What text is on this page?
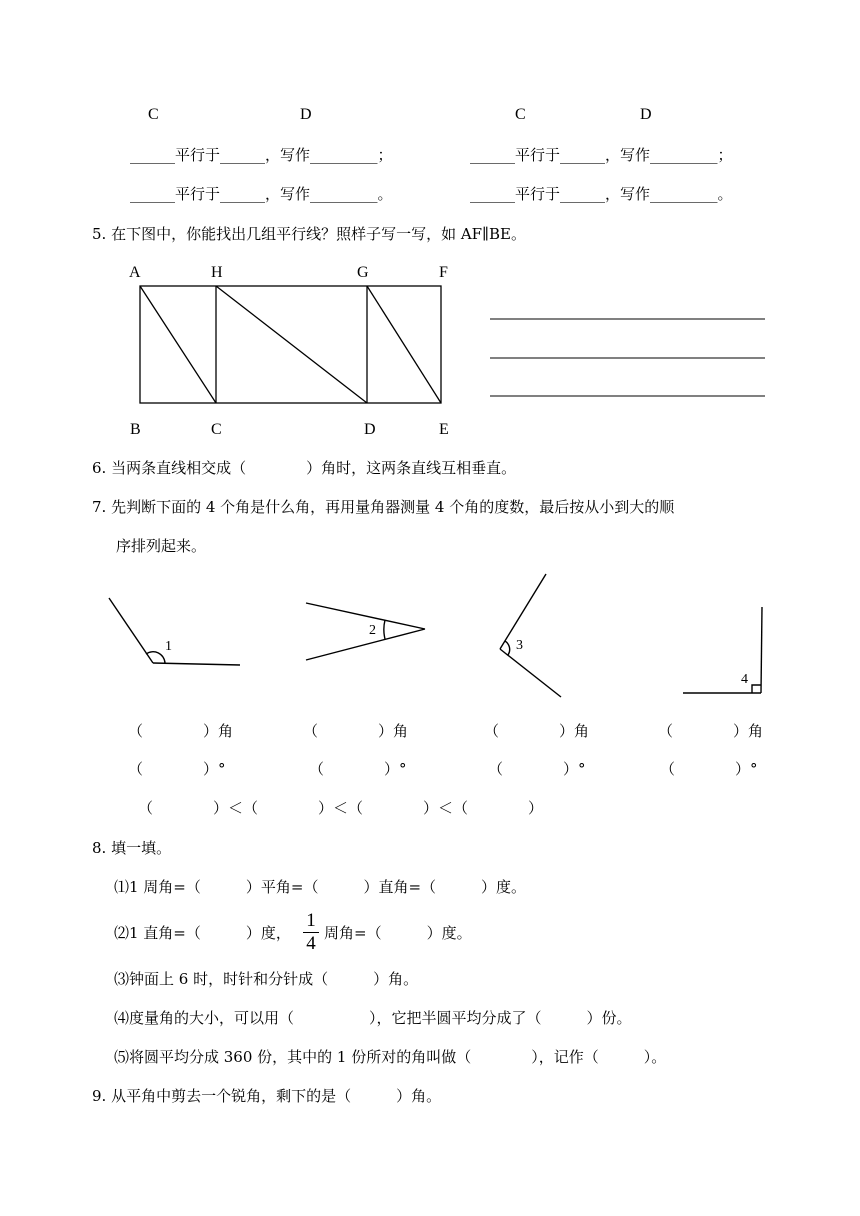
C	D	C	D
______平行于______，写作_________；	______平行于______，写作_________；
______平行于______，写作_________。	______平行于______，写作_________。
5. 在下图中，你能找出几组平行线？照样子写一写，如 AF∥BE。
A	H	G	F
B	C	D	E
1
2
3
4
6. 当两条直线相交成（　　　　）角时，这两条直线互相垂直。
7. 先判断下面的 4 个角是什么角，再用量角器测量 4 个角的度数，最后按从小到大的顺
序排列起来。
（　　　　）角	（　　　　）角	（　　　　）角	（　　　　）角
（　　　　）°	（　　　　）°	（　　　　）°	（　　　　）°
（　　　　）＜（　　　　）＜（　　　　）＜（　　　　）
8. 填一填。
⑴1 周角=（　　　）平角=（　　　）直角=（　　　）度。
⑵1 直角=（　　　）度，
1
4 周角=（　　　）度。
⑶钟面上 6 时，时针和分针成（　　　）角。
⑷度量角的大小，可以用（　　　　　），它把半圆平均分成了（　　　）份。
⑸将圆平均分成 360 份，其中的 1 份所对的角叫做（　　　　），记作（　　　）。
9. 从平角中剪去一个锐角，剩下的是（　　　）角。
